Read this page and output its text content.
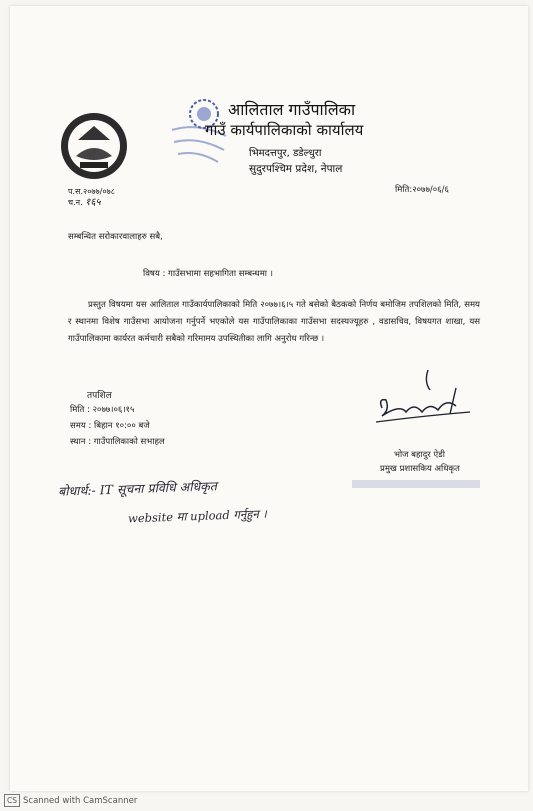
आलिताल गाउँपालिका
गाउँ कार्यपालिकाको कार्यालय
भिमदत्तपुर, डडेल्धुरा
सुदुरपश्चिम प्रदेश, नेपाल
प.स.२०७७/०७८
च.न. १६५
मिति:२०७७/०६/६
सम्बन्धित सरोकारवालाहरु सबै,
विषय : गाउँसभामा सहभागिता सम्बन्धमा ।
प्रस्तुत विषयमा यस आलिताल गाउँकार्यपालिकाको मिति २०७७।६।५ गते बसेको बैठकको निर्णय बमोजिम तपशिलको मिति, समय र स्थानमा विशेष गाउँसभा आयोजना गर्नुपर्ने भएकोले यस गाउँपालिकाका गाउँसभा सदस्यज्यूहरु , वडासचिव, विषयगत शाखा, यस गाउँपालिकामा कार्यरत कर्मचारी सबैको गरिमामय उपस्थितीका लागि अनुरोध गरिन्छ ।
तपशिल
मिति : २०७७।०६।१५
समय : बिहान १०:०० बजे
स्थान : गाउँपालिकाको सभाहल
भोज बहादुर ऐडी
प्रमुख प्रशासकिय अधिकृत
बोधार्थ:- IT सूचना प्रविधि अधिकृत
website मा upload गर्नुहुन ।
CS Scanned with CamScanner
